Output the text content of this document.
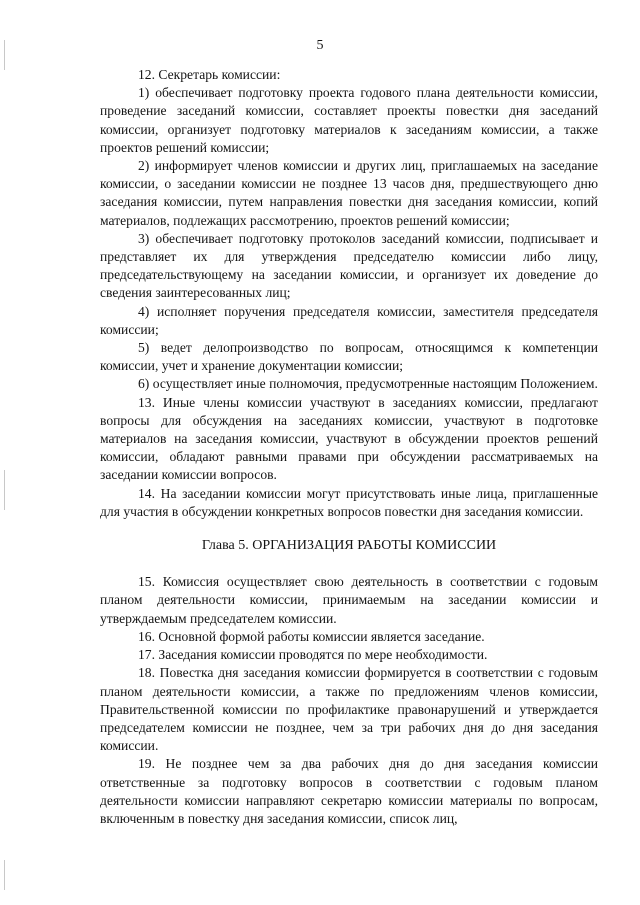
5

12. Секретарь комиссии:

1) обеспечивает подготовку проекта годового плана деятельности комиссии, проведение заседаний комиссии, составляет проекты повестки дня заседаний комиссии, организует подготовку материалов к заседаниям комиссии, а также проектов решений комиссии;

2) информирует членов комиссии и других лиц, приглашаемых на заседание комиссии, о заседании комиссии не позднее 13 часов дня, предшествующего дню заседания комиссии, путем направления повестки дня заседания комиссии, копий материалов, подлежащих рассмотрению, проектов решений комиссии;

3) обеспечивает подготовку протоколов заседаний комиссии, подписывает и представляет их для утверждения председателю комиссии либо лицу, председательствующему на заседании комиссии, и организует их доведение до сведения заинтересованных лиц;

4) исполняет поручения председателя комиссии, заместителя председателя комиссии;

5) ведет делопроизводство по вопросам, относящимся к компетенции комиссии, учет и хранение документации комиссии;

6) осуществляет иные полномочия, предусмотренные настоящим Положением.

13. Иные члены комиссии участвуют в заседаниях комиссии, предлагают вопросы для обсуждения на заседаниях комиссии, участвуют в подготовке материалов на заседания комиссии, участвуют в обсуждении проектов решений комиссии, обладают равными правами при обсуждении рассматриваемых на заседании комиссии вопросов.

14. На заседании комиссии могут присутствовать иные лица, приглашенные для участия в обсуждении конкретных вопросов повестки дня заседания комиссии.

Глава 5. ОРГАНИЗАЦИЯ РАБОТЫ КОМИССИИ

15. Комиссия осуществляет свою деятельность в соответствии с годовым планом деятельности комиссии, принимаемым на заседании комиссии и утверждаемым председателем комиссии.

16. Основной формой работы комиссии является заседание.

17. Заседания комиссии проводятся по мере необходимости.

18. Повестка дня заседания комиссии формируется в соответствии с годовым планом деятельности комиссии, а также по предложениям членов комиссии, Правительственной комиссии по профилактике правонарушений и утверждается председателем комиссии не позднее, чем за три рабочих дня до дня заседания комиссии.

19. Не позднее чем за два рабочих дня до дня заседания комиссии ответственные за подготовку вопросов в соответствии с годовым планом деятельности комиссии направляют секретарю комиссии материалы по вопросам, включенным в повестку дня заседания комиссии, список лиц,
